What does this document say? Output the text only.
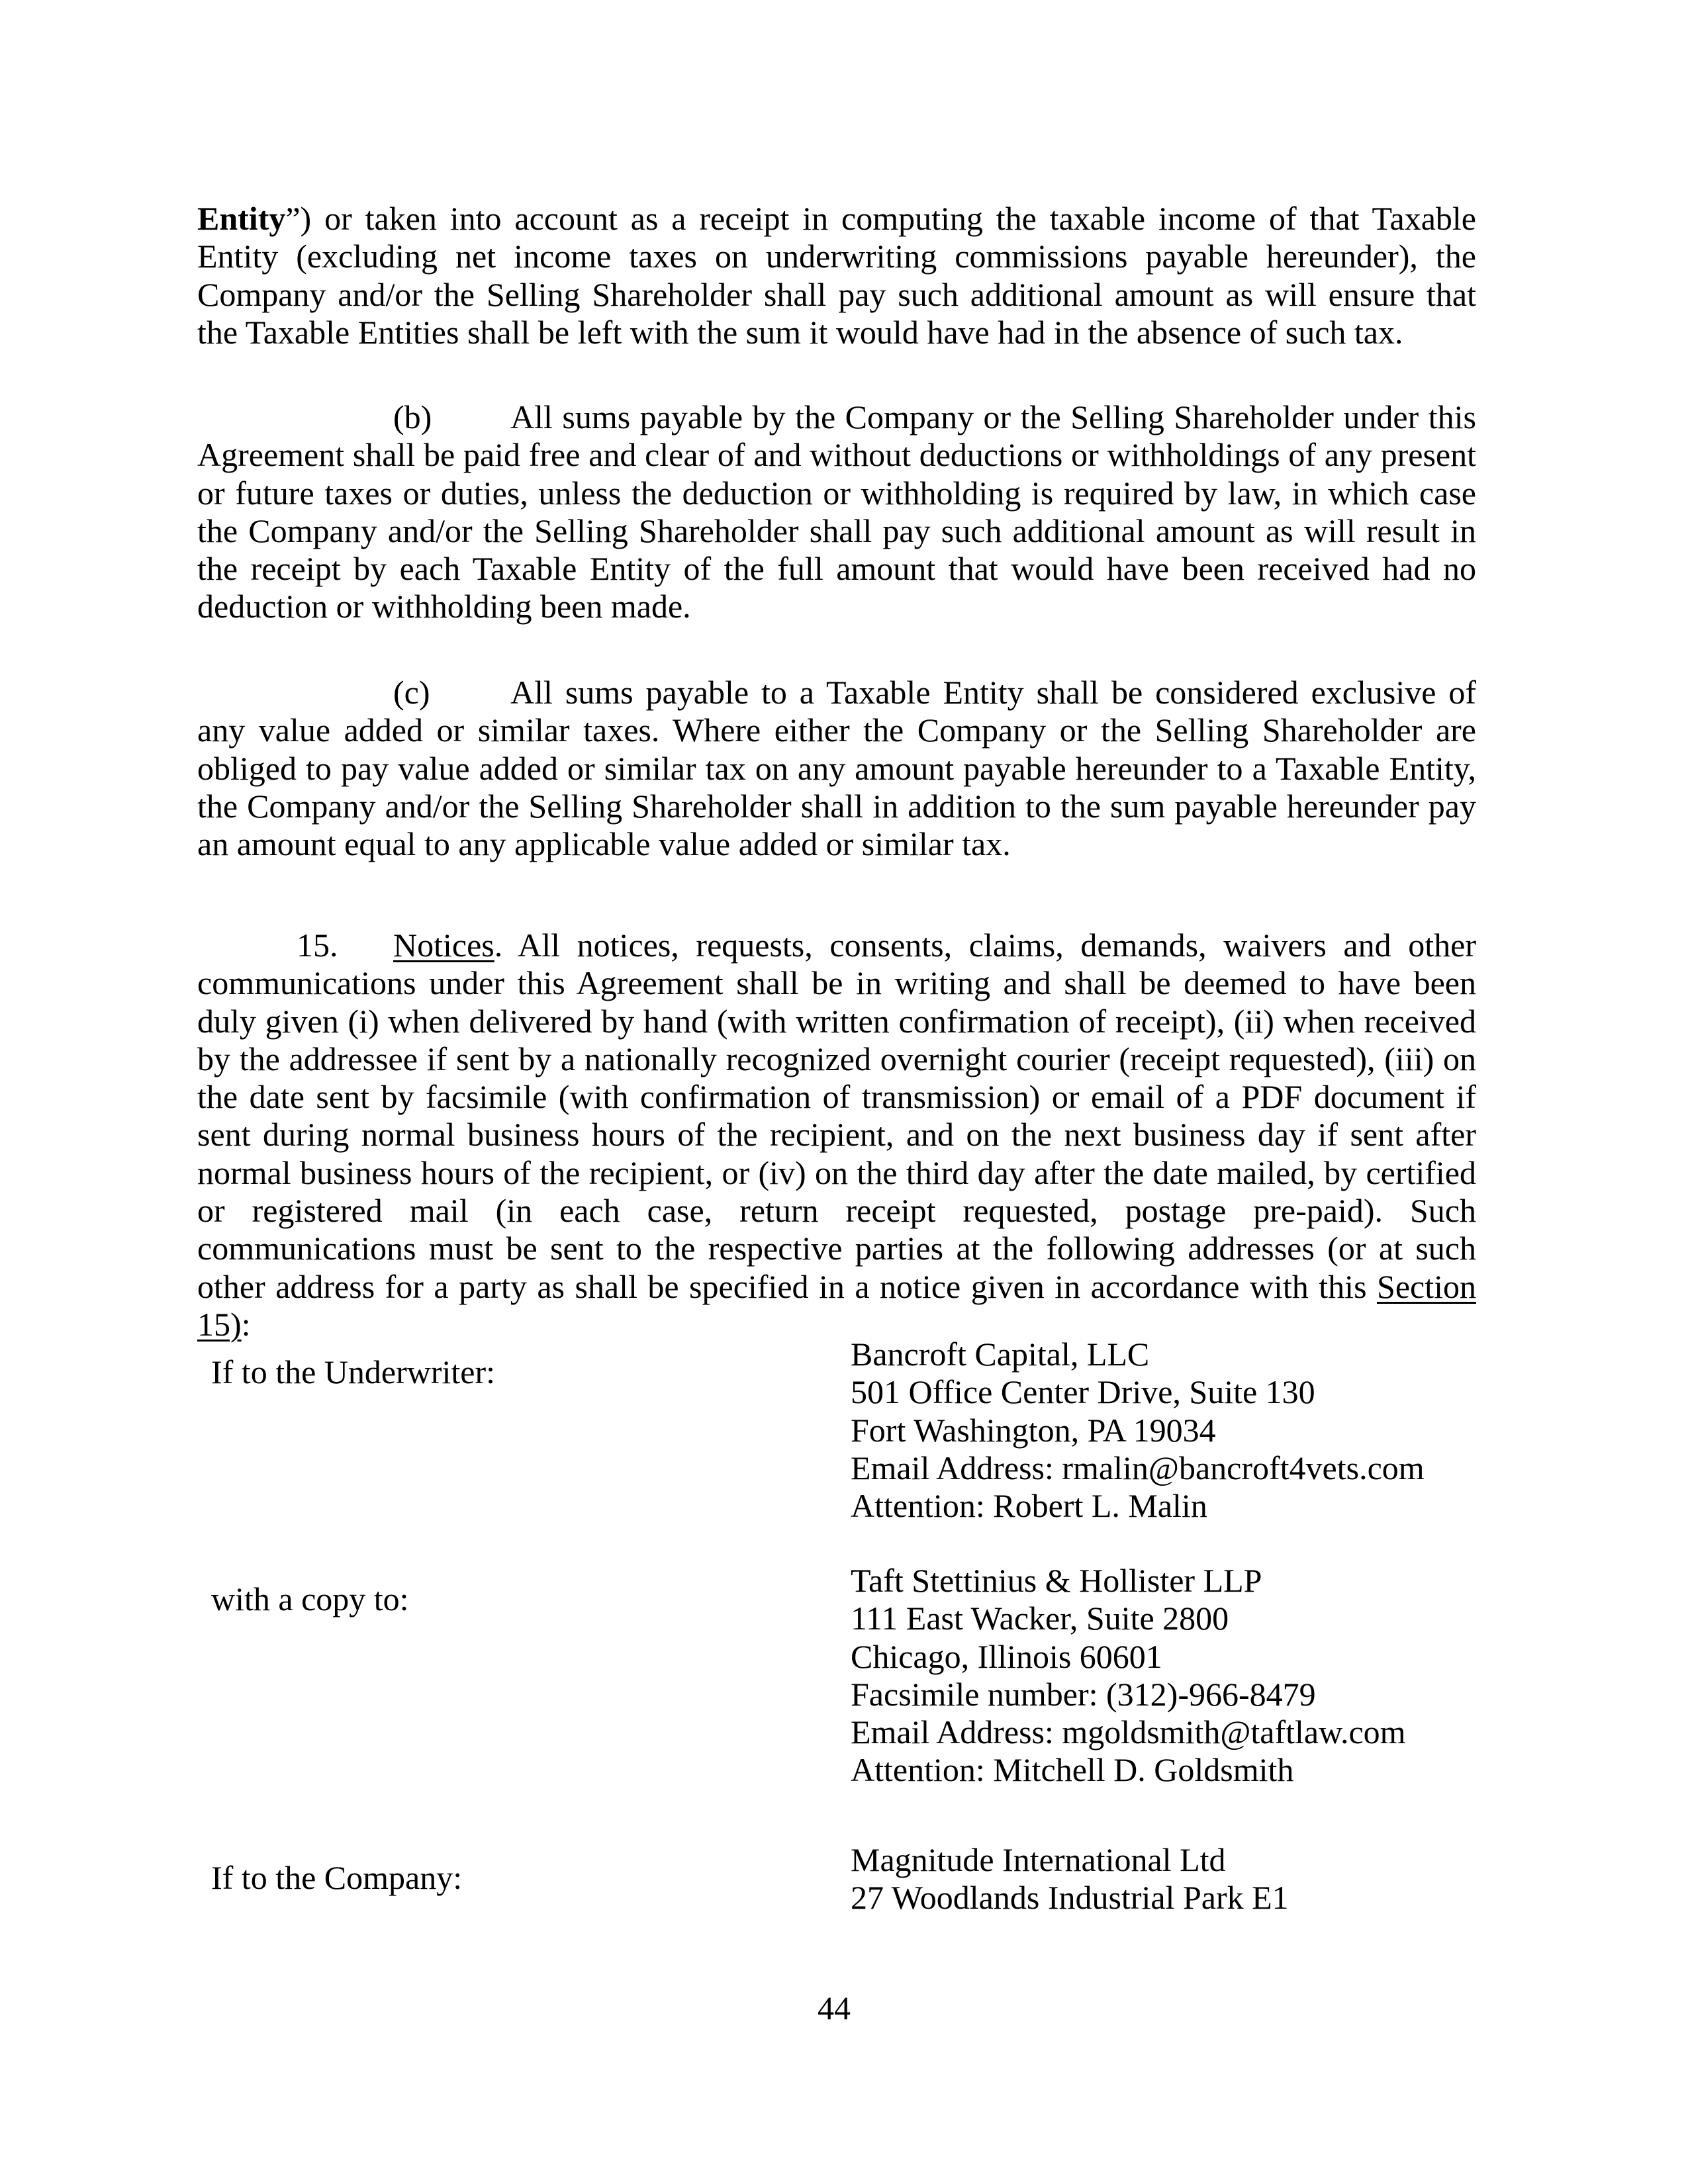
Entity”) or taken into account as a receipt in computing the taxable income of that Taxable Entity (excluding net income taxes on underwriting commissions payable hereunder), the Company and/or the Selling Shareholder shall pay such additional amount as will ensure that the Taxable Entities shall be left with the sum it would have had in the absence of such tax.
(b) All sums payable by the Company or the Selling Shareholder under this Agreement shall be paid free and clear of and without deductions or withholdings of any present or future taxes or duties, unless the deduction or withholding is required by law, in which case the Company and/or the Selling Shareholder shall pay such additional amount as will result in the receipt by each Taxable Entity of the full amount that would have been received had no deduction or withholding been made.
(c) All sums payable to a Taxable Entity shall be considered exclusive of any value added or similar taxes. Where either the Company or the Selling Shareholder are obliged to pay value added or similar tax on any amount payable hereunder to a Taxable Entity, the Company and/or the Selling Shareholder shall in addition to the sum payable hereunder pay an amount equal to any applicable value added or similar tax.
15. Notices. All notices, requests, consents, claims, demands, waivers and other communications under this Agreement shall be in writing and shall be deemed to have been duly given (i) when delivered by hand (with written confirmation of receipt), (ii) when received by the addressee if sent by a nationally recognized overnight courier (receipt requested), (iii) on the date sent by facsimile (with confirmation of transmission) or email of a PDF document if sent during normal business hours of the recipient, and on the next business day if sent after normal business hours of the recipient, or (iv) on the third day after the date mailed, by certified or registered mail (in each case, return receipt requested, postage pre-paid). Such communications must be sent to the respective parties at the following addresses (or at such other address for a party as shall be specified in a notice given in accordance with this Section 15):
If to the Underwriter:	Bancroft Capital, LLC
501 Office Center Drive, Suite 130
Fort Washington, PA 19034
Email Address: rmalin@bancroft4vets.com
Attention: Robert L. Malin
with a copy to:	Taft Stettinius & Hollister LLP
111 East Wacker, Suite 2800
Chicago, Illinois 60601
Facsimile number: (312)-966-8479
Email Address: mgoldsmith@taftlaw.com
Attention: Mitchell D. Goldsmith
If to the Company:	Magnitude International Ltd
27 Woodlands Industrial Park E1
44
